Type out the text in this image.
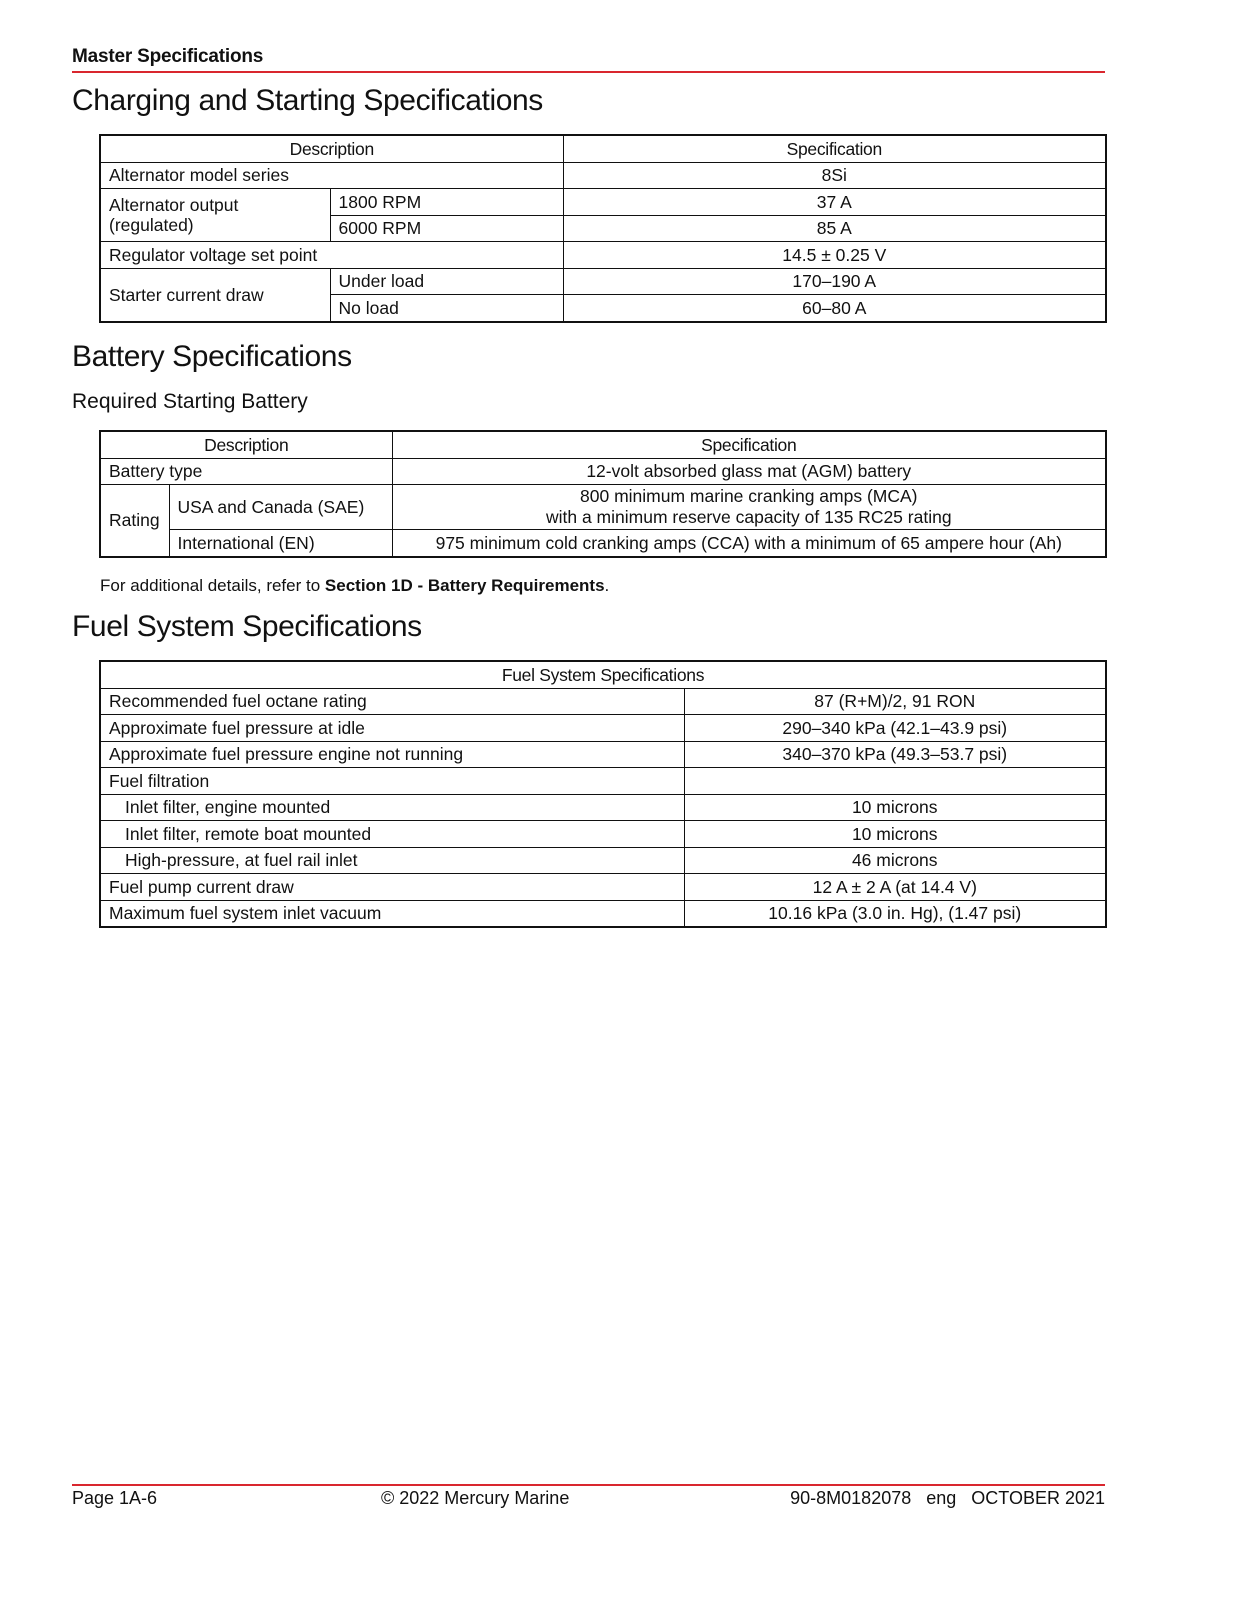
Master Specifications
Charging and Starting Specifications
Description		Specification
Alternator model series		8Si
Alternator output (regulated)	1800 RPM	37 A
	6000 RPM	85 A
Regulator voltage set point		14.5 ± 0.25 V
Starter current draw	Under load	170–190 A
	No load	60–80 A
Battery Specifications
Required Starting Battery
Description		Specification
Battery type		12-volt absorbed glass mat (AGM) battery
Rating	USA and Canada (SAE)	800 minimum marine cranking amps (MCA)
with a minimum reserve capacity of 135 RC25 rating

	International (EN)	975 minimum cold cranking amps (CCA) with a minimum of 65 ampere hour (Ah)
For additional details, refer to Section 1D - Battery Requirements.
Fuel System Specifications
Fuel System Specifications	
Recommended fuel octane rating	87 (R+M)/2, 91 RON
Approximate fuel pressure at idle	290–340 kPa (42.1–43.9 psi)
Approximate fuel pressure engine not running	340–370 kPa (49.3–53.7 psi)
Fuel filtration	
Inlet filter, engine mounted	10 microns
Inlet filter, remote boat mounted	10 microns
High-pressure, at fuel rail inlet	46 microns
Fuel pump current draw	12 A ± 2 A (at 14.4 V)
Maximum fuel system inlet vacuum	10.16 kPa (3.0 in. Hg), (1.47 psi)
Page 1A-6	© 2022 Mercury Marine	90-8M0182078   eng   OCTOBER 2021
